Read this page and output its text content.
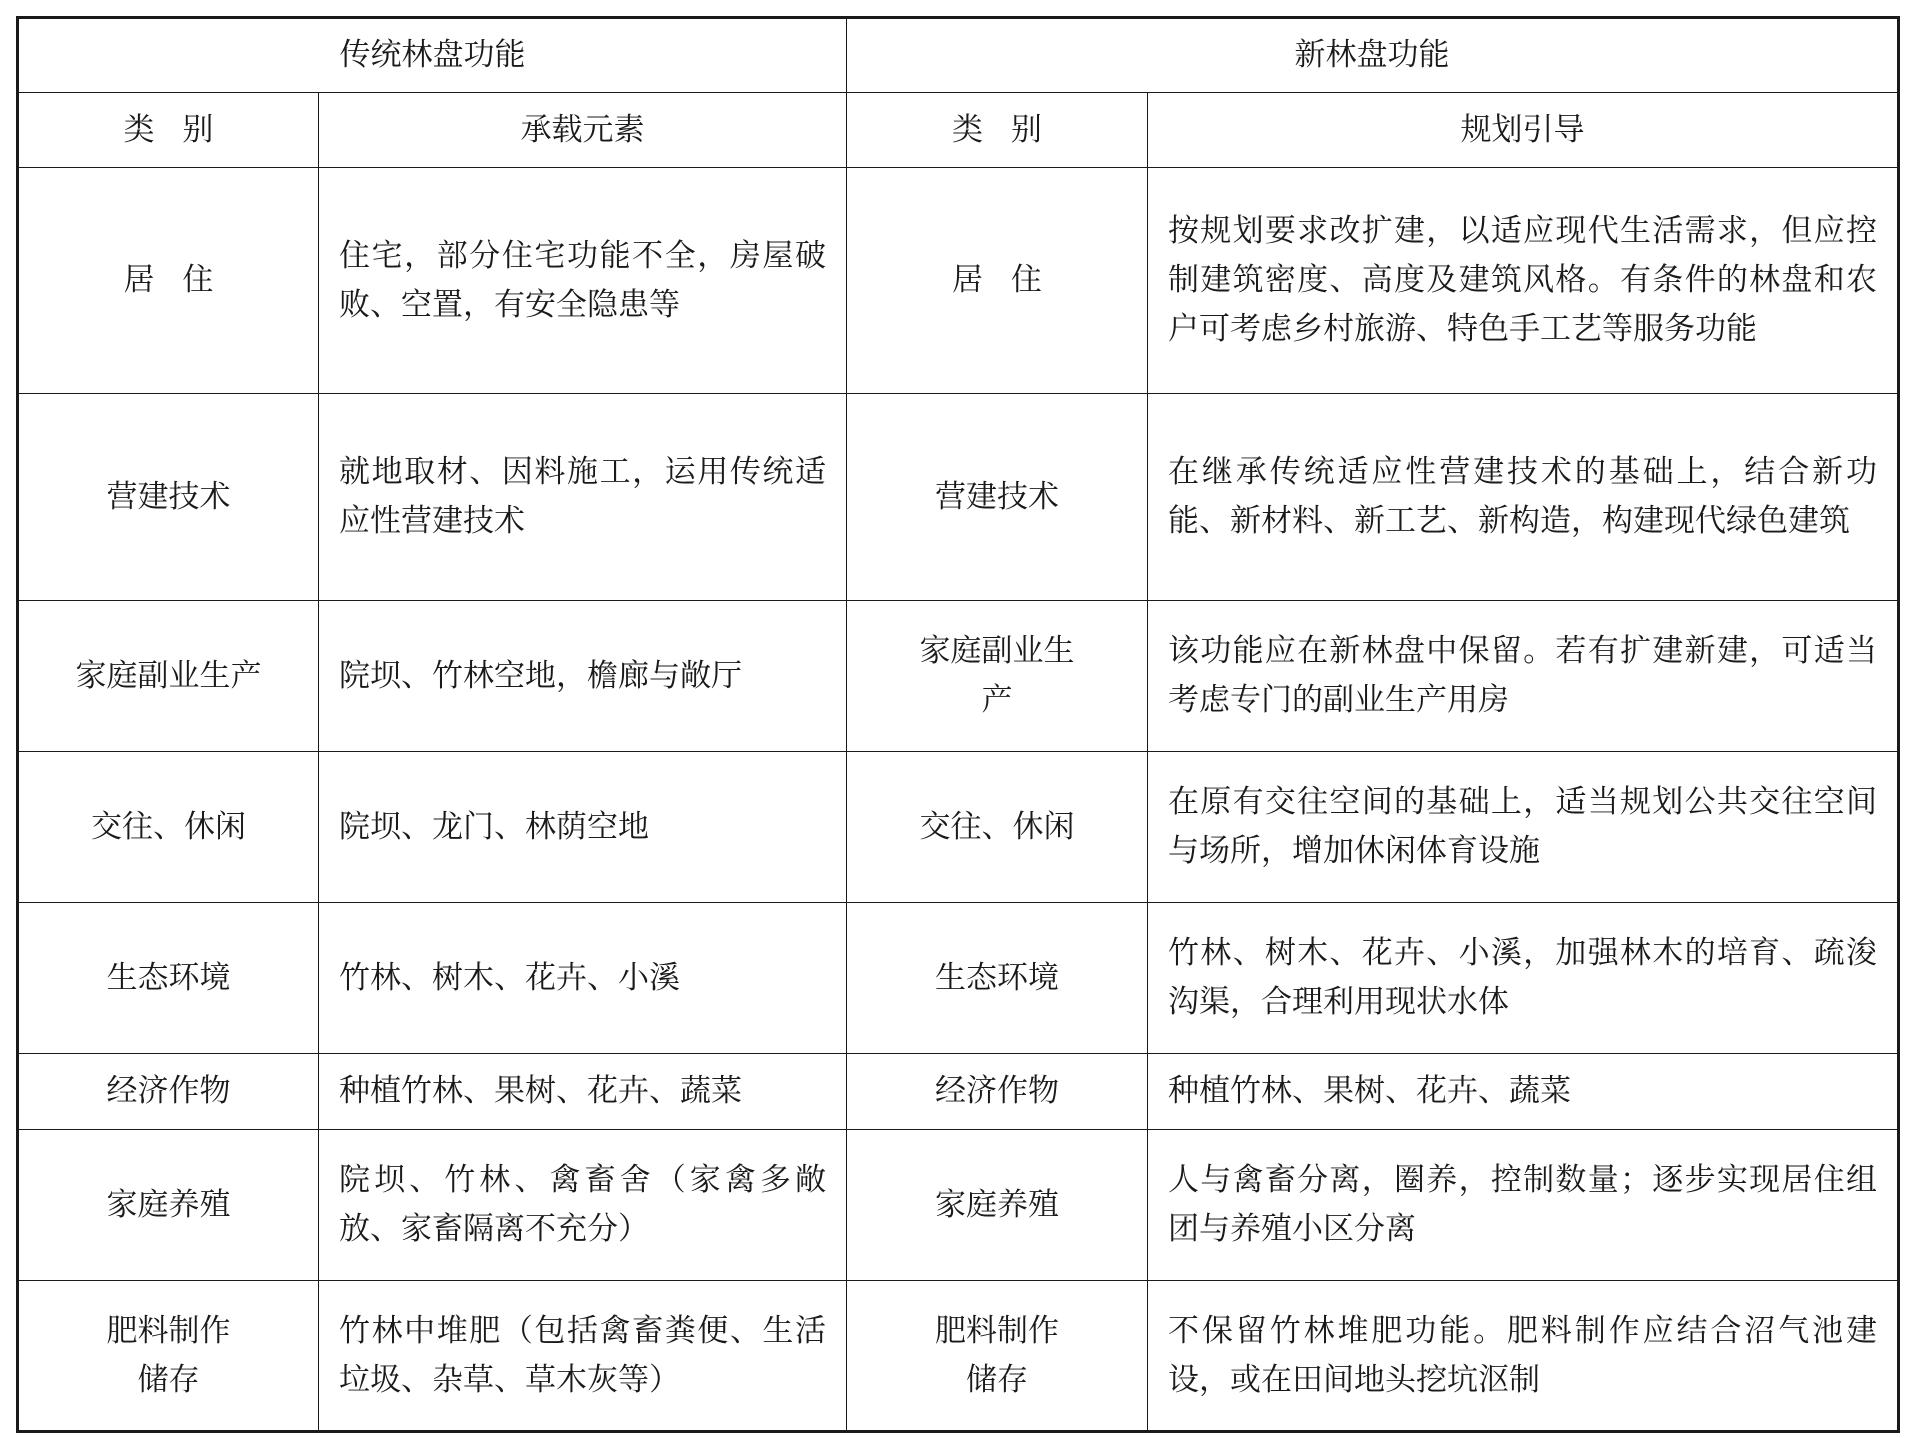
传统林盘功能		新林盘功能	
类别	承载元素	类别	规划引导
居住	住宅，部分住宅功能不全，房屋破败、空置，有安全隐患等	居住	按规划要求改扩建，以适应现代生活需求，但应控制建筑密度、高度及建筑风格。有条件的林盘和农户可考虑乡村旅游、特色手工艺等服务功能
营建技术	就地取材、因料施工，运用传统适应性营建技术	营建技术	在继承传统适应性营建技术的基础上，结合新功能、新材料、新工艺、新构造，构建现代绿色建筑
家庭副业生产	院坝、竹林空地，檐廊与敞厅	家庭副业生产	该功能应在新林盘中保留。若有扩建新建，可适当考虑专门的副业生产用房
交往、休闲	院坝、龙门、林荫空地	交往、休闲	在原有交往空间的基础上，适当规划公共交往空间与场所，增加休闲体育设施
生态环境	竹林、树木、花卉、小溪	生态环境	竹林、树木、花卉、小溪，加强林木的培育、疏浚沟渠，合理利用现状水体
经济作物	种植竹林、果树、花卉、蔬菜	经济作物	种植竹林、果树、花卉、蔬菜
家庭养殖	院坝、竹林、禽畜舍（家禽多敞放、家畜隔离不充分）	家庭养殖	人与禽畜分离，圈养，控制数量；逐步实现居住组团与养殖小区分离
肥料制作储存	竹林中堆肥（包括禽畜粪便、生活垃圾、杂草、草木灰等）	肥料制作储存	不保留竹林堆肥功能。肥料制作应结合沼气池建设，或在田间地头挖坑沤制
